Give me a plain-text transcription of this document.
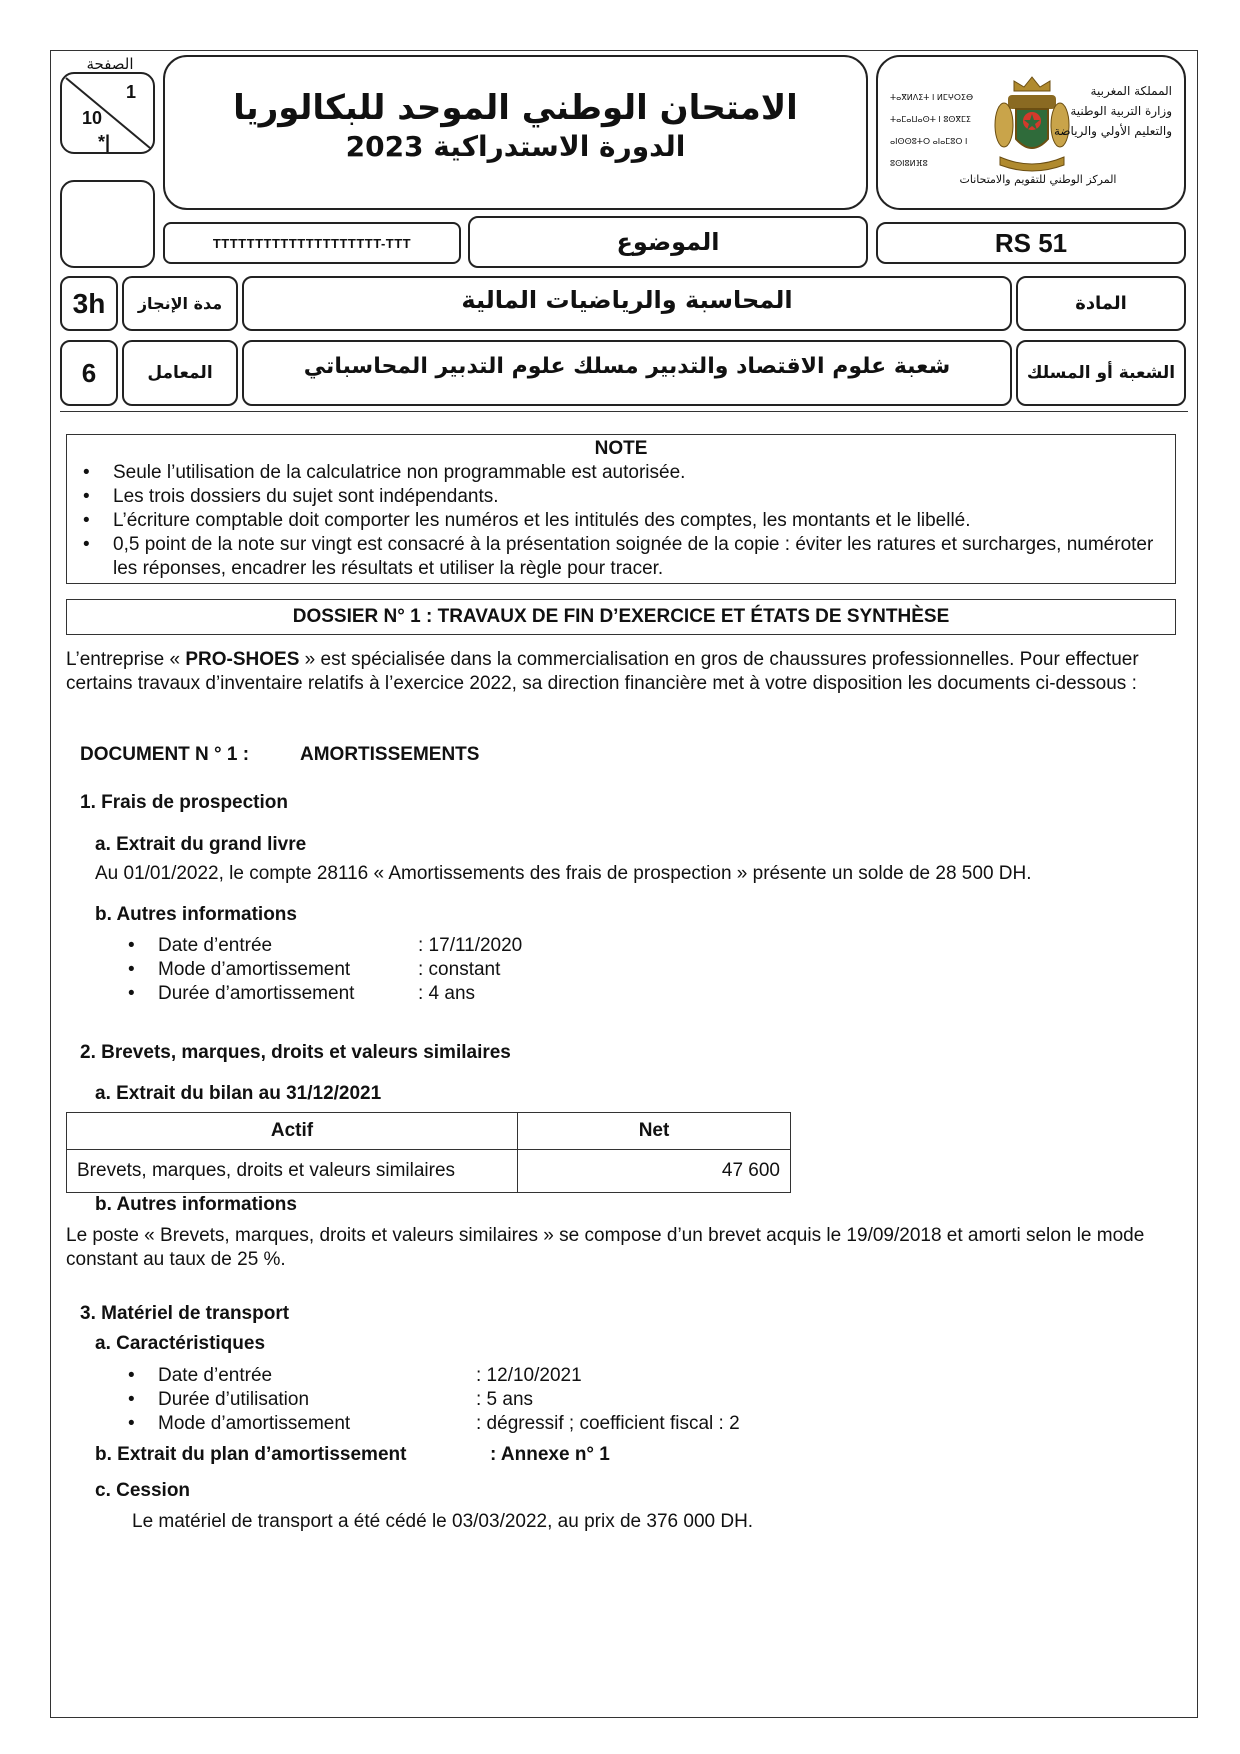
الصفحة
1
10
*|
الامتحان الوطني الموحد للبكالوريا
الدورة الاستدراكية 2023
ⵜⴰⴳⵍⴷⵉⵜ ⵏ ⵍⵎⵖⵔⵉⴱ
ⵜⴰⵎⴰⵡⴰⵙⵜ ⵏ ⵓⵙⴳⵎⵉ
ⴰⵏⵙⵙⵓⵜⵔ ⴰⵏⴰⵎⵓⵔ ⵏ ⵓⵙⵏⵓⵍⴼⵓ
المملكة المغربية
وزارة التربية الوطنية
والتعليم الأولي والرياضة
المركز الوطني للتقويم والامتحانات
TTTTTTTTTTTTTTTTTTTT-TTT	الموضوع	RS 51
3h	مدة الإنجاز	المحاسبة والرياضيات المالية	المادة
6	المعامل	شعبة علوم الاقتصاد والتدبير مسلك علوم التدبير المحاسباتي	الشعبة أو المسلك
NOTE
• Seule l’utilisation de la calculatrice non programmable est autorisée.
• Les trois dossiers du sujet sont indépendants.
• L’écriture comptable doit comporter les numéros et les intitulés des comptes, les montants et le libellé.
• 0,5 point de la note sur vingt est consacré à la présentation soignée de la copie : éviter les ratures et surcharges, numéroter les réponses, encadrer les résultats et utiliser la règle pour tracer.
DOSSIER N° 1 : TRAVAUX DE FIN D’EXERCICE ET ÉTATS DE SYNTHÈSE
L’entreprise « PRO-SHOES » est spécialisée dans la commercialisation en gros de chaussures professionnelles. Pour effectuer certains travaux d’inventaire relatifs à l’exercice 2022, sa direction financière met à votre disposition les documents ci-dessous :
DOCUMENT N ° 1 :	AMORTISSEMENTS
1. Frais de prospection
a. Extrait du grand livre
Au 01/01/2022, le compte 28116 « Amortissements des frais de prospection » présente un solde de 28 500 DH.
b. Autres informations
• Date d’entrée	: 17/11/2020
• Mode d’amortissement	: constant
• Durée d’amortissement	: 4 ans
2. Brevets, marques, droits et valeurs similaires
a. Extrait du bilan au 31/12/2021
Actif	Net
Brevets, marques, droits et valeurs similaires	47 600
b. Autres informations
Le poste « Brevets, marques, droits et valeurs similaires » se compose d’un brevet acquis le 19/09/2018 et amorti selon le mode constant au taux de 25 %.
3. Matériel de transport
a. Caractéristiques
• Date d’entrée	: 12/10/2021
• Durée d’utilisation	: 5 ans
• Mode d’amortissement	: dégressif ; coefficient fiscal : 2
b. Extrait du plan d’amortissement	: Annexe n° 1
c. Cession
Le matériel de transport a été cédé le 03/03/2022, au prix de 376 000 DH.
